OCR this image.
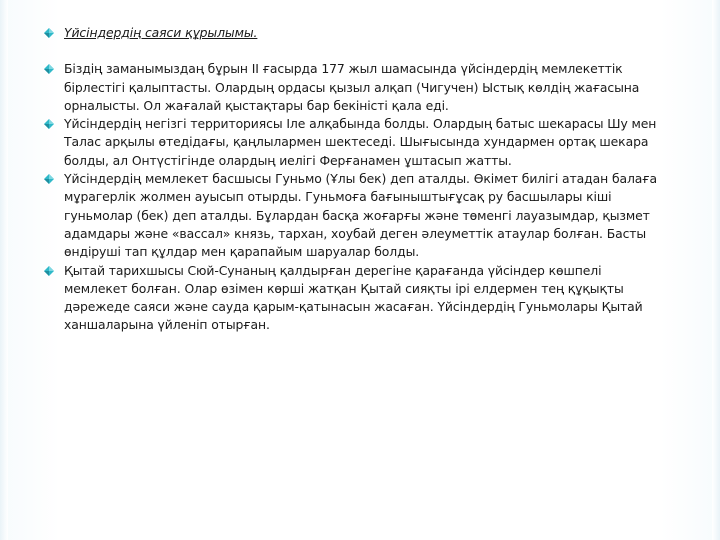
Үйсіндердің саяси құрылымы.
Біздің заманымыздаң бұрын ІІ ғасырда 177 жыл шамасында үйсіндердің мемлекеттік бірлестігі қалыптасты. Олардың ордасы қызыл алқап (Чигучен) Ыстық көлдің жағасына орналысты. Ол жағалай қыстақтары бар бекіністі қала еді.
Үйсіндердің негізгі территориясы Іле алқабында болды. Олардың батыс шекарасы Шу мен Талас арқылы өтедідағы, қаңлылармен шектеседі. Шығысында хундармен ортақ шекара болды, ал Онтүстігінде олардың иелігі Ферғанамен ұштасып жатты.
Үйсіндердің мемлекет басшысы Гуньмо (Ұлы бек) деп аталды. Өкімет билігі атадан балаға мұрагерлік жолмен ауысып отырды. Гуньмоға бағыныштығұсақ ру басшылары кіші гуньмолар (бек) деп аталды. Бұлардан басқа жоғарғы және төменгі лауазымдар, қызмет адамдары және «вассал» князь, тархан, хоубай деген әлеуметтік атаулар болған. Басты өндіруші тап құлдар мен қарапайым шаруалар болды.
Қытай тарихшысы Сюй-Сунаның қалдырған дерегіне қарағанда үйсіндер көшпелі мемлекет болған. Олар өзімен көрші жатқан Қытай сияқты ірі елдермен тең құқықты дәрежеде саяси және сауда қарым-қатынасын жасаған. Үйсіндердің Гуньмолары Қытай ханшаларына үйленіп отырған.
